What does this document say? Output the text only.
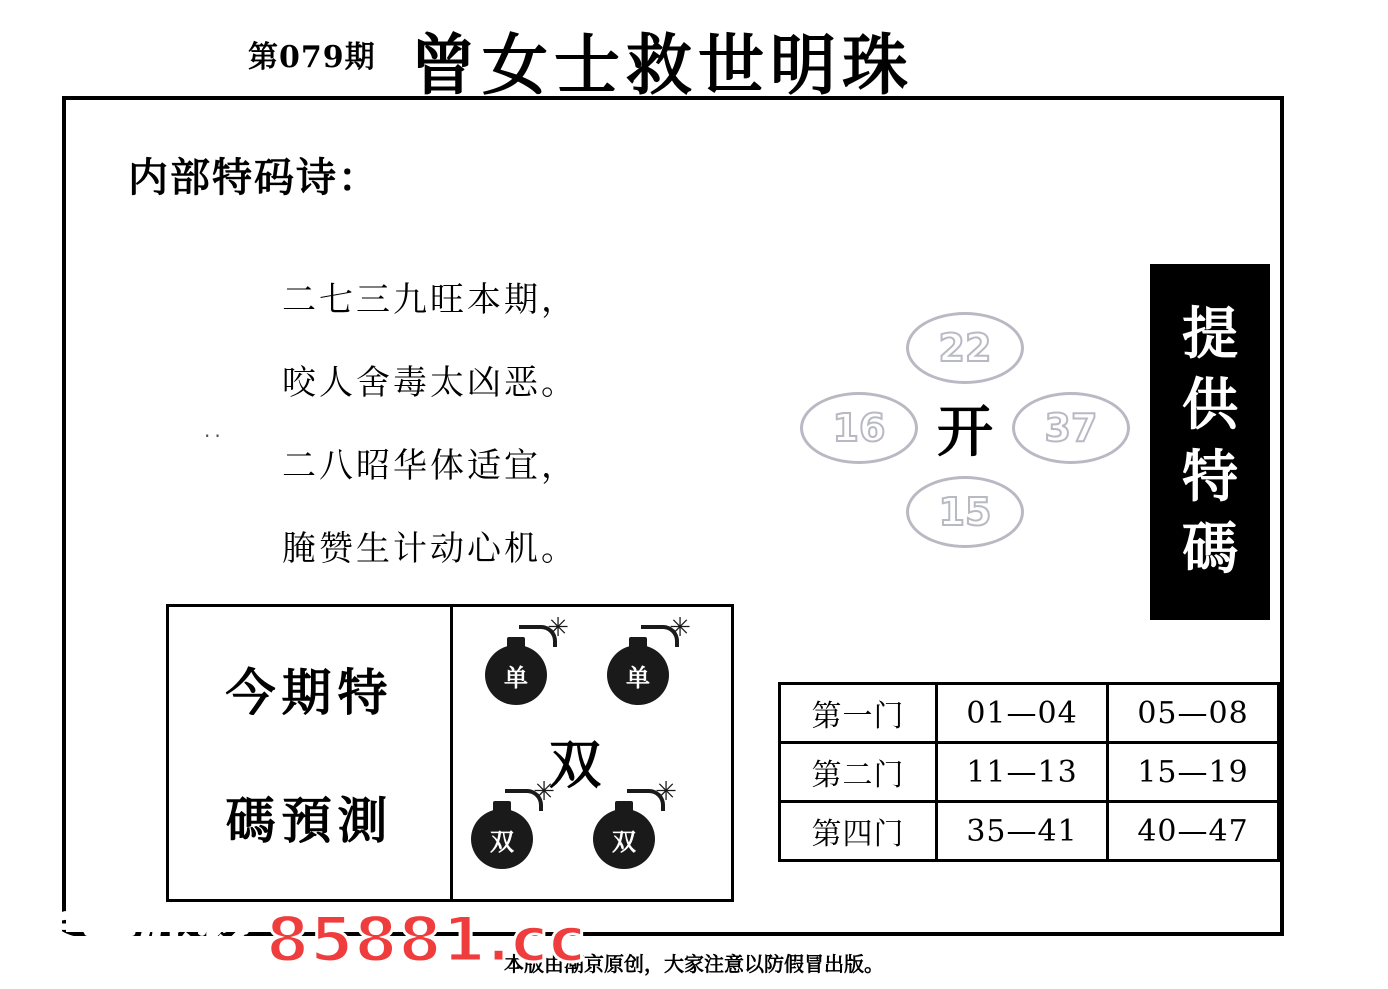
第079期 曾女士救世明珠
内部特码诗：
..
二七三九旺本期，
咬人舍毒太凶恶。
二八昭华体适宜，
腌赞生计动心机。
22
16	37
15
开
提
供
特
碼
今期特
碼預測
✳
单
✳
单
双
✳
双
✳
双
第一门	01—04	05—08
第二门	11—13	15—19
第四门	35—41	40—47
本版由潮京原创，大家注意以防假冒出版。
香港好彩 85881.cc
